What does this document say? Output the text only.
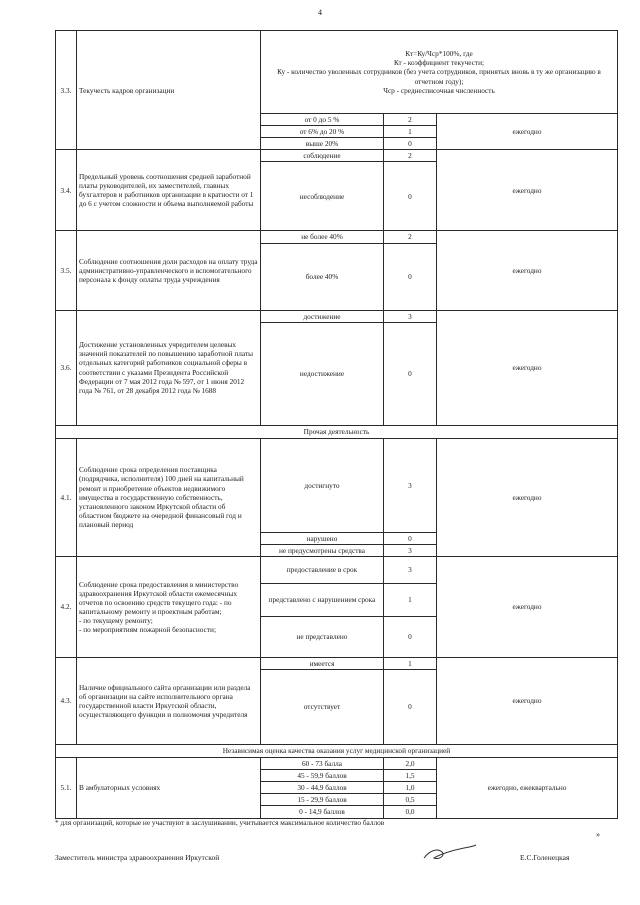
4
3.3.	Текучесть кадров организации	Кт=Ку/Чср*100%, где
Кт - коэффициент текучести;
Ку - количество уволенных сотрудников (без учета сотрудников, принятых вновь в ту же организацию в отчетном году);
Чср - среднесписочная численность		

		от 0 до 5 %	2	ежегодно
		от 6% до 20 %	1	
		выше 20%	0	
3.4.	Предельный уровень соотношения средней заработной платы руководителей, их заместителей, главных бухгалтеров и работников организации в кратности от 1 до 6 с учетом сложности и объема выполняемой работы	соблюдение	2	ежегодно
		несоблюдение	0	
3.5.	Соблюдение соотношения доли расходов на оплату труда административно-управленческого и вспомогательного персонала к фонду оплаты труда учреждения	не более 40%	2	ежегодно
		более 40%	0	
3.6.	Достижение установленных учредителем целевых значений показателей по повышению заработной платы отдельных категорий работников социальной сферы в соответствии с указами Президента Российской Федерации от 7 мая 2012 года № 597, от 1 июня 2012 года № 761, от 28 декабря 2012 года № 1688	достижение	3	ежегодно
		недостижение	0	
Прочая деятельность				
4.1.	Соблюдение срока определения поставщика (подрядчика, исполнителя) 100 дней на капитальный ремонт и приобретение объектов недвижимого имущества в государственную собственность, установленного законом Иркутской области об областном бюджете на очередной финансовый год и плановый период	достигнуто	3	ежегодно
		нарушено	0	
		не предусмотрены средства	3	
4.2.	Соблюдение срока предоставления в министерство здравоохранения Иркутской области ежемесячных отчетов по освоению средств текущего года: - по капитальному ремонту и проектным работам;
- по текущему ремонту;
- по мероприятиям пожарной безопасности;	предоставление в срок	3	ежегодно
		представлено с нарушением срока	1	
		не представлено	0	
4.3.	Наличие официального сайта организации или раздела об организации на сайте исполнительного органа государственной власти Иркутской области, осуществляющего функции и полномочия учредителя	имеется	1	ежегодно
		отсутствует	0	
Независимая оценка качества оказания услуг медицинской организацией				
5.1.	В амбулаторных условиях	60 - 73 балла	2,0	ежегодно, ежеквартально
		45 - 59,9 баллов	1,5	
		30 - 44,9 баллов	1,0	
		15 - 29,9 баллов	0,5	
		0 - 14,9 баллов	0,0	
* для организаций, которые не участвуют в заслушивании, учитывается максимальное количество баллов
Заместитель министра здравоохранения Иркутской	Е.С.Голенецкая
»
